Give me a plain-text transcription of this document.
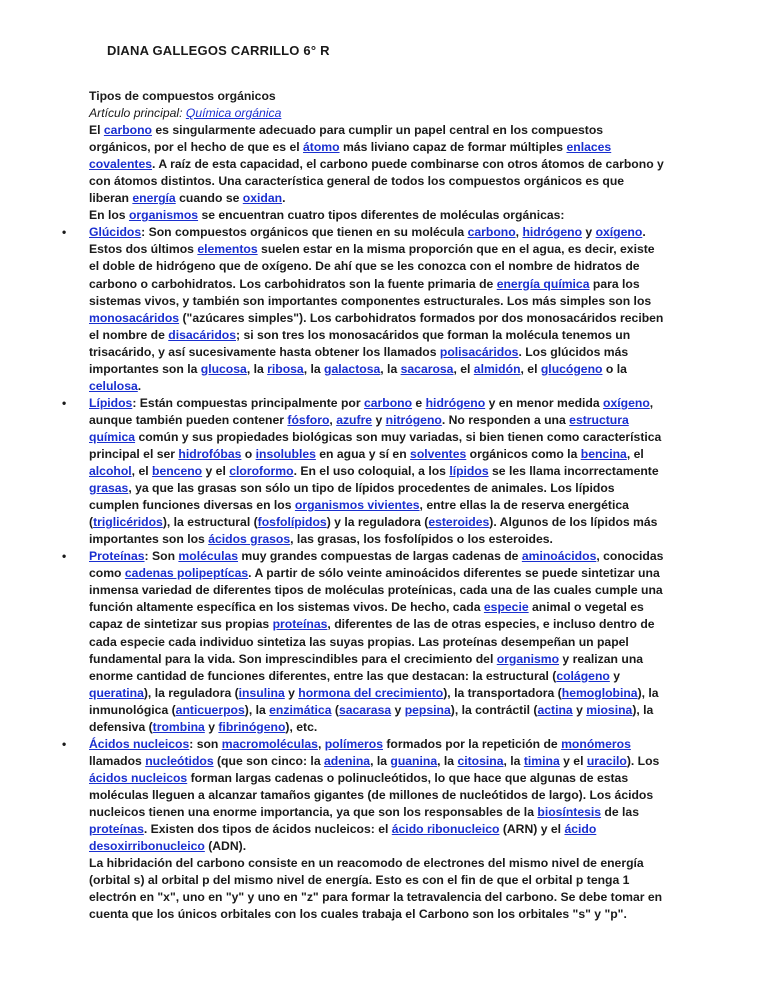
DIANA GALLEGOS CARRILLO 6° R

Tipos de compuestos orgánicos

Artículo principal: Química orgánica

El carbono es singularmente adecuado para cumplir un papel central en los compuestos orgánicos, por el hecho de que es el átomo más liviano capaz de formar múltiples enlaces covalentes. A raíz de esta capacidad, el carbono puede combinarse con otros átomos de carbono y con átomos distintos. Una característica general de todos los compuestos orgánicos es que liberan energía cuando se oxidan.

En los organismos se encuentran cuatro tipos diferentes de moléculas orgánicas:

•	Glúcidos: Son compuestos orgánicos que tienen en su molécula carbono, hidrógeno y oxígeno. Estos dos últimos elementos suelen estar en la misma proporción que en el agua, es decir, existe el doble de hidrógeno que de oxígeno. De ahí que se les conozca con el nombre de hidratos de carbono o carbohidratos. Los carbohidratos son la fuente primaria de energía química para los sistemas vivos, y también son importantes componentes estructurales. Los más simples son los monosacáridos ("azúcares simples"). Los carbohidratos formados por dos monosacáridos reciben el nombre de disacáridos; si son tres los monosacáridos que forman la molécula tenemos un trisacárido, y así sucesivamente hasta obtener los llamados polisacáridos. Los glúcidos más importantes son la glucosa, la ribosa, la galactosa, la sacarosa, el almidón, el glucógeno o la celulosa.
•	Lípidos: Están compuestas principalmente por carbono e hidrógeno y en menor medida oxígeno, aunque también pueden contener fósforo, azufre y nitrógeno. No responden a una estructura química común y sus propiedades biológicas son muy variadas, si bien tienen como característica principal el ser hidrofóbas o insolubles en agua y sí en solventes orgánicos como la bencina, el alcohol, el benceno y el cloroformo. En el uso coloquial, a los lípidos se les llama incorrectamente grasas, ya que las grasas son sólo un tipo de lípidos procedentes de animales. Los lípidos cumplen funciones diversas en los organismos vivientes, entre ellas la de reserva energética (triglicéridos), la estructural (fosfolípidos) y la reguladora (esteroides). Algunos de los lípidos más importantes son los ácidos grasos, las grasas, los fosfolípidos o los esteroides.
•	Proteínas: Son moléculas muy grandes compuestas de largas cadenas de aminoácidos, conocidas como cadenas polipeptícas. A partir de sólo veinte aminoácidos diferentes se puede sintetizar una inmensa variedad de diferentes tipos de moléculas proteínicas, cada una de las cuales cumple una función altamente específica en los sistemas vivos. De hecho, cada especie animal o vegetal es capaz de sintetizar sus propias proteínas, diferentes de las de otras especies, e incluso dentro de cada especie cada individuo sintetiza las suyas propias. Las proteínas desempeñan un papel fundamental para la vida. Son imprescindibles para el crecimiento del organismo y realizan una enorme cantidad de funciones diferentes, entre las que destacan: la estructural (colágeno y queratina), la reguladora (insulina y hormona del crecimiento), la transportadora (hemoglobina), la inmunológica (anticuerpos), la enzimática (sacarasa y pepsina), la contráctil (actina y miosina), la defensiva (trombina y fibrinógeno), etc.
•	Ácidos nucleicos: son macromoléculas, polímeros formados por la repetición de monómeros llamados nucleótidos (que son cinco: la adenina, la guanina, la citosina, la timina y el uracilo). Los ácidos nucleicos forman largas cadenas o polinucleótidos, lo que hace que algunas de estas moléculas lleguen a alcanzar tamaños gigantes (de millones de nucleótidos de largo). Los ácidos nucleicos tienen una enorme importancia, ya que son los responsables de la biosíntesis de las proteínas. Existen dos tipos de ácidos nucleicos: el ácido ribonucleico (ARN) y el ácido desoxirribonucleico (ADN).

La hibridación del carbono consiste en un reacomodo de electrones del mismo nivel de energía (orbital s) al orbital p del mismo nivel de energía. Esto es con el fin de que el orbital p tenga 1 electrón en "x", uno en "y" y uno en "z" para formar la tetravalencia del carbono. Se debe tomar en cuenta que los únicos orbitales con los cuales trabaja el Carbono son los orbitales "s" y "p".
